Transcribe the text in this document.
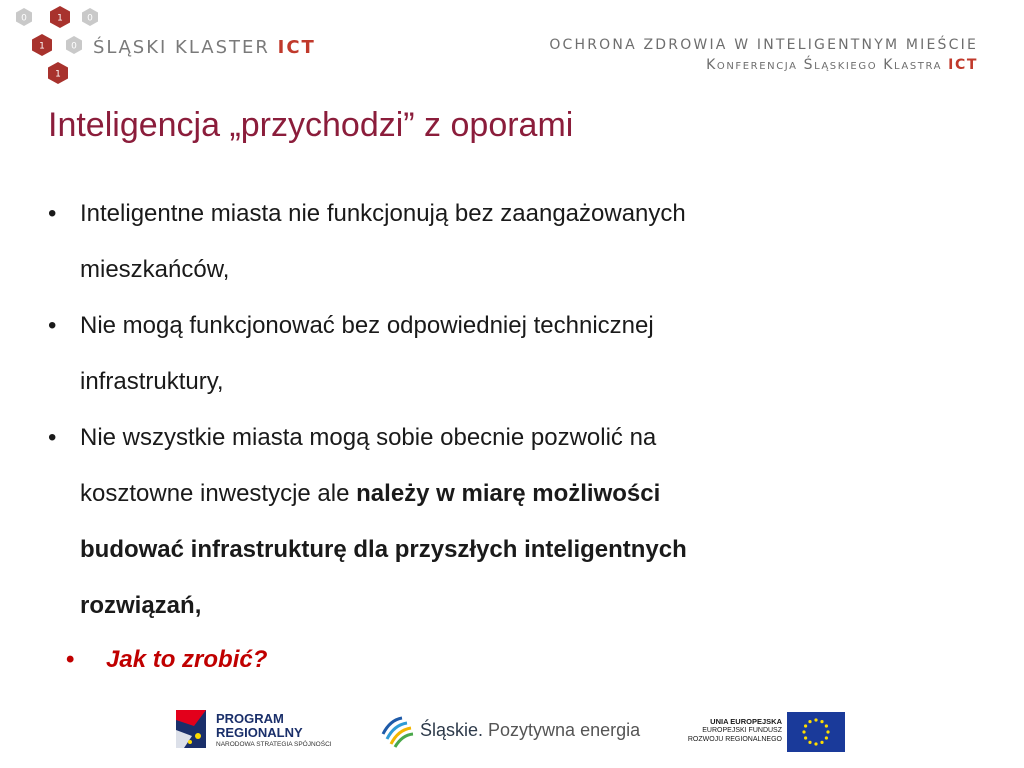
0	1	0
1	0
1
ŚLĄSKI KLASTER ICT	OCHRONA ZDROWIA W INTELIGENTNYM MIEŚCIE
Konferencja Śląskiego Klastra ICT
Inteligencja „przychodzi” z oporami
• Inteligentne miasta nie funkcjonują bez zaangażowanych
mieszkańców,
• Nie mogą funkcjonować bez odpowiedniej technicznej
infrastruktury,
• Nie wszystkie miasta mogą sobie obecnie pozwolić na
kosztowne inwestycje ale należy w miarę możliwości
budować infrastrukturę dla przyszłych inteligentnych
rozwiązań,
• Jak to zrobić?
PROGRAM
REGIONALNY
NARODOWA STRATEGIA SPÓJNOŚCI
Śląskie. Pozytywna energia	UNIA EUROPEJSKA
EUROPEJSKI FUNDUSZ
ROZWOJU REGIONALNEGO
